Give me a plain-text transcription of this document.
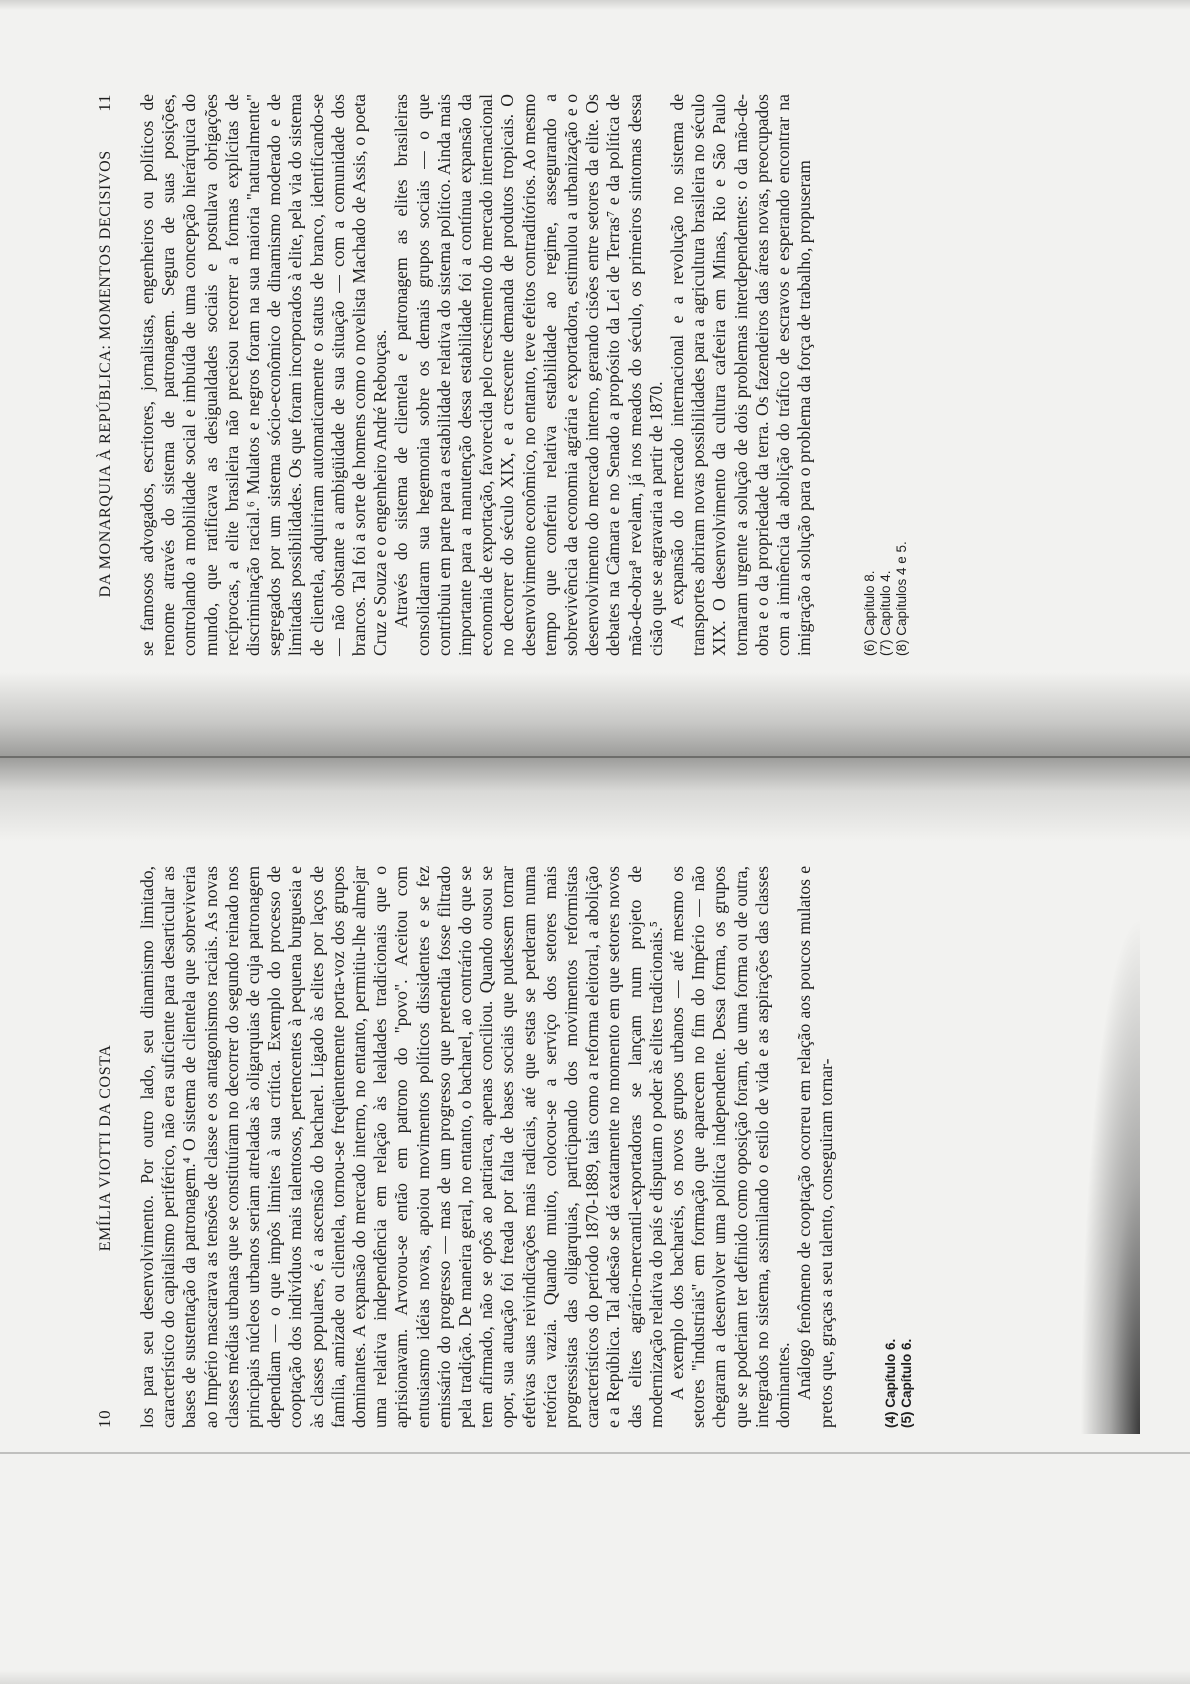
10
EMÍLIA VIOTTI DA COSTA los para seu desenvolvimento. Por outro lado, seu dinamismo limitado, característico do capitalismo periférico, não era suficiente para desarticular as bases de sustentação da patronagem.⁴ O sistema de clientela que sobreviveria ao Império mascarava as tensões de classe e os antagonismos raciais. As novas classes médias urbanas que se constituíram no decorrer do segundo reinado nos principais núcleos urbanos seriam atreladas às oligarquias de cuja patronagem dependiam — o que impôs limites à sua crítica. Exemplo do processo de cooptação dos indivíduos mais talentosos, pertencentes à pequena burguesia e às classes populares, é a ascensão do bacharel. Ligado às elites por laços de família, amizade ou clientela, tornou-se freqüentemente porta-voz dos grupos dominantes. A expansão do mercado interno, no entanto, permitiu-lhe almejar uma relativa independência em relação às lealdades tradicionais que o aprisionavam. Arvorou-se então em patrono do "povo". Aceitou com entusiasmo idéias novas, apoiou movimentos políticos dissidentes e se fez emissário do progresso — mas de um progresso que pretendia fosse filtrado pela tradição. De maneira geral, no entanto, o bacharel, ao contrário do que se tem afirmado, não se opôs ao patriarca, apenas conciliou. Quando ousou se opor, sua atuação foi freada por falta de bases sociais que pudessem tornar efetivas suas reivindicações mais radicais, até que estas se perderam numa retórica vazia. Quando muito, colocou-se a serviço dos setores mais progressistas das oligarquias, participando dos movimentos reformistas característicos do período 1870-1889, tais como a reforma eleitoral, a abolição e a República. Tal adesão se dá exatamente no momento em que setores novos das elites agrário-mercantil-exportadoras se lançam num projeto de modernização relativa do país e disputam o poder às elites tradicionais.⁵ A exemplo dos bacharéis, os novos grupos urbanos — até mesmo os setores "industriais" em formação que aparecem no fim do Império — não chegaram a desenvolver uma política independente. Dessa forma, os grupos que se poderiam ter definido como oposição foram, de uma forma ou de outra, integrados no sistema, assimilando o estilo de vida e as aspirações das classes dominantes. Análogo fenômeno de cooptação ocorreu em relação aos poucos mulatos e pretos que, graças a seu talento, conseguiram tornar-	(4) Capítulo 6. (5) Capítulo 6.
DA MONARQUIA À REPÚBLICA: MOMENTOS DECISIVOS
11 se famosos advogados, escritores, jornalistas, engenheiros ou políticos de renome através do sistema de patronagem. Segura de suas posições, controlando a mobilidade social e imbuída de uma concepção hierárquica do mundo, que ratificava as desigualdades sociais e postulava obrigações recíprocas, a elite brasileira não precisou recorrer a formas explícitas de discriminação racial.⁶ Mulatos e negros foram na sua maioria "naturalmente" segregados por um sistema sócio-econômico de dinamismo moderado e de limitadas possibilidades. Os que foram incorporados à elite, pela via do sistema de clientela, adquiriram automaticamente o status de branco, identificando-se — não obstante a ambigüidade de sua situação — com a comunidade dos brancos. Tal foi a sorte de homens como o novelista Machado de Assis, o poeta Cruz e Souza e o engenheiro André Rebouças. Através do sistema de clientela e patronagem as elites brasileiras consolidaram sua hegemonia sobre os demais grupos sociais — o que contribuiu em parte para a estabilidade relativa do sistema político. Ainda mais importante para a manutenção dessa estabilidade foi a contínua expansão da economia de exportação, favorecida pelo crescimento do mercado internacional no decorrer do século XIX, e a crescente demanda de produtos tropicais. O desenvolvimento econômico, no entanto, teve efeitos contraditórios. Ao mesmo tempo que conferiu relativa estabilidade ao regime, assegurando a sobrevivência da economia agrária e exportadora, estimulou a urbanização e o desenvolvimento do mercado interno, gerando cisões entre setores da elite. Os debates na Câmara e no Senado a propósito da Lei de Terras⁷ e da política de mão-de-obra⁸ revelam, já nos meados do século, os primeiros sintomas dessa cisão que se agravaria a partir de 1870. A expansão do mercado internacional e a revolução no sistema de transportes abriram novas possibilidades para a agricultura brasileira no século XIX. O desenvolvimento da cultura cafeeira em Minas, Rio e São Paulo tornaram urgente a solução de dois problemas interdependentes: o da mão-de-obra e o da propriedade da terra. Os fazendeiros das áreas novas, preocupados com a iminência da abolição do tráfico de escravos e esperando encontrar na imigração a solução para o problema da força de trabalho, propuseram	(6) Capítulo 8. (7) Capítulo 4. (8) Capítulos 4 e 5.
